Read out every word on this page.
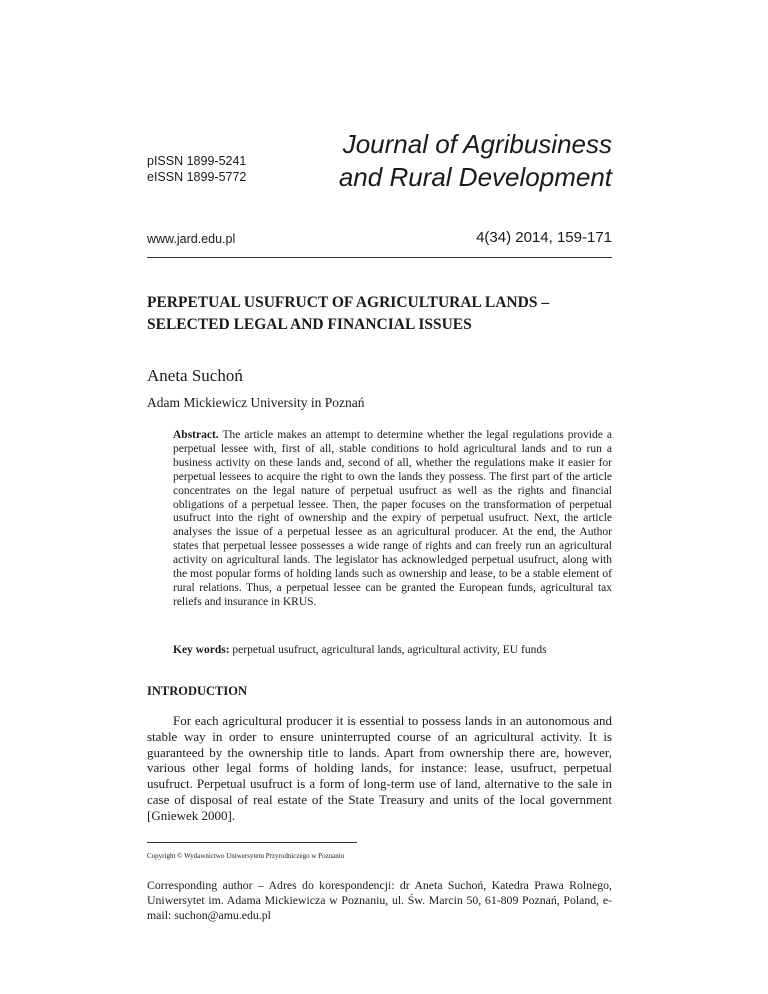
pISSN 1899-5241
eISSN 1899-5772
Journal of Agribusiness
and Rural Development
www.jard.edu.pl	4(34) 2014, 159-171
PERPETUAL USUFRUCT OF AGRICULTURAL LANDS –
SELECTED LEGAL AND FINANCIAL ISSUES
Aneta Suchoń
Adam Mickiewicz University in Poznań
Abstract. The article makes an attempt to determine whether the legal regulations provide a perpetual lessee with, first of all, stable conditions to hold agricultural lands and to run a business activity on these lands and, second of all, whether the regulations make it easier for perpetual lessees to acquire the right to own the lands they possess. The first part of the article concentrates on the legal nature of perpetual usufruct as well as the rights and financial obligations of a perpetual lessee. Then, the paper focuses on the transformation of perpetual usufruct into the right of ownership and the expiry of perpetual usufruct. Next, the article analyses the issue of a perpetual lessee as an agricultural producer. At the end, the Author states that perpetual lessee possesses a wide range of rights and can freely run an agricultural activity on agricultural lands. The legislator has acknowledged perpetual usufruct, along with the most popular forms of holding lands such as ownership and lease, to be a stable element of rural relations. Thus, a perpetual lessee can be granted the European funds, agricultural tax reliefs and insurance in KRUS.
Key words: perpetual usufruct, agricultural lands, agricultural activity, EU funds
INTRODUCTION
For each agricultural producer it is essential to possess lands in an autonomous and stable way in order to ensure uninterrupted course of an agricultural activity. It is guaranteed by the ownership title to lands. Apart from ownership there are, however, various other legal forms of holding lands, for instance: lease, usufruct, perpetual usufruct. Perpetual usufruct is a form of long-term use of land, alternative to the sale in case of disposal of real estate of the State Treasury and units of the local government [Gniewek 2000].
Copyright © Wydawnictwo Uniwersytetu Przyrodniczego w Poznaniu
Corresponding author – Adres do korespondencji: dr Aneta Suchoń, Katedra Prawa Rolnego, Uniwersytet im. Adama Mickiewicza w Poznaniu, ul. Św. Marcin 50, 61-809 Poznań, Poland, e-mail: suchon@amu.edu.pl
